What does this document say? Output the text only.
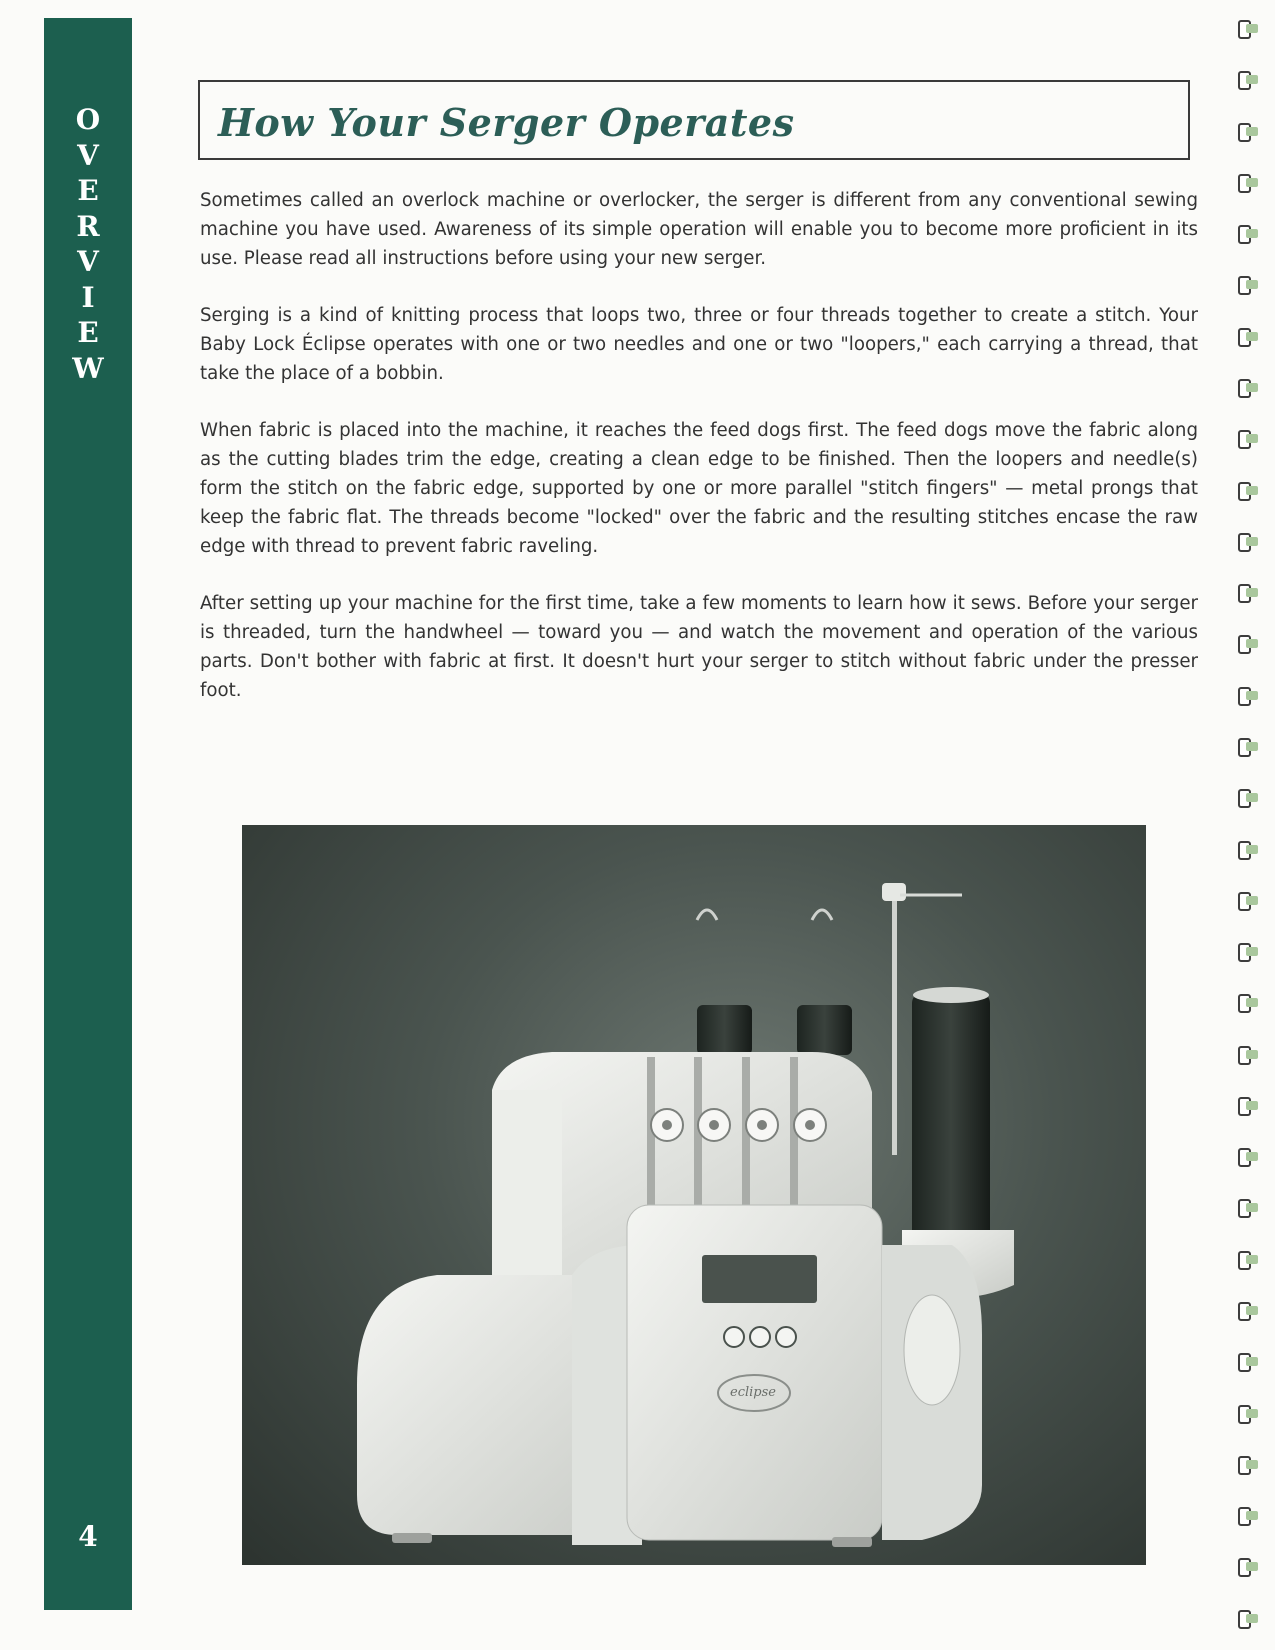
O
V
E
R
V
I
E
W
4
How Your Serger Operates

Sometimes called an overlock machine or overlocker, the serger is different from any conventional sewing machine you have used. Awareness of its simple operation will enable you to become more proficient in its use. Please read all instructions before using your new serger.

Serging is a kind of knitting process that loops two, three or four threads together to create a stitch. Your Baby Lock Éclipse operates with one or two needles and one or two "loopers," each carrying a thread, that take the place of a bobbin.

When fabric is placed into the machine, it reaches the feed dogs first. The feed dogs move the fabric along as the cutting blades trim the edge, creating a clean edge to be finished. Then the loopers and needle(s) form the stitch on the fabric edge, supported by one or more parallel "stitch fingers" — metal prongs that keep the fabric flat. The threads become "locked" over the fabric and the resulting stitches encase the raw edge with thread to prevent fabric raveling.

After setting up your machine for the first time, take a few moments to learn how it sews. Before your serger is threaded, turn the handwheel — toward you — and watch the movement and operation of the various parts. Don't bother with fabric at first. It doesn't hurt your serger to stitch without fabric under the presser foot.

eclipse
